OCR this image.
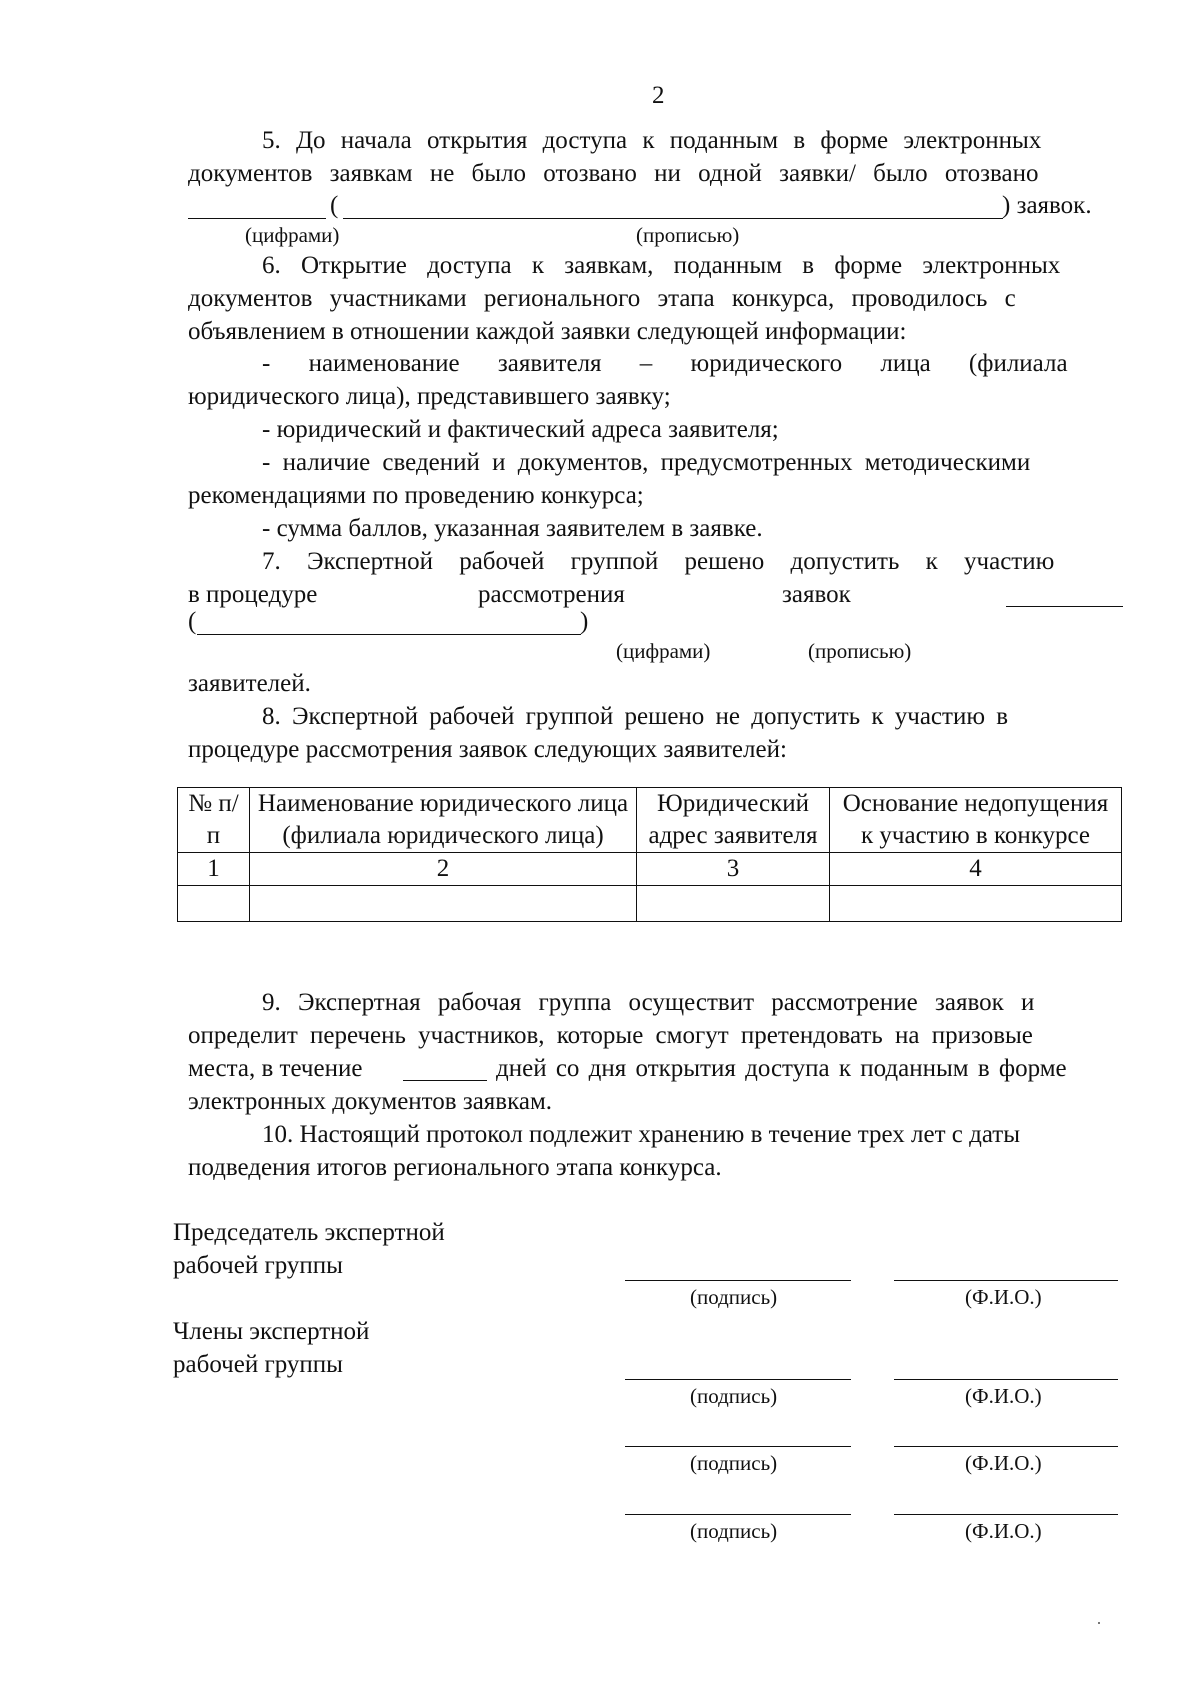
2
5. До начала открытия доступа к поданным в форме электронных
документов заявкам не было отозвано ни одной заявки/ было отозвано
(	) заявок.
(цифрами)	(прописью)
6. Открытие доступа к заявкам, поданным в форме электронных
документов участниками регионального этапа конкурса, проводилось с
объявлением в отношении каждой заявки следующей информации:
- наименование заявителя – юридического лица (филиала
юридического лица), представившего заявку;
- юридический и фактический адреса заявителя;
- наличие сведений и документов, предусмотренных методическими
рекомендациями по проведению конкурса;
- сумма баллов, указанная заявителем в заявке.
7. Экспертной рабочей группой решено допустить к участию
в процедуре	рассмотрения	заявок
(	)
(цифрами)	(прописью)
заявителей.
8. Экспертной рабочей группой решено не допустить к участию в
процедуре рассмотрения заявок следующих заявителей:
№ п/п	Наименование юридического лица (филиала юридического лица)	Юридический адрес заявителя	Основание недопущения к участию в конкурсе
1	2	3	4

9. Экспертная рабочая группа осуществит рассмотрение заявок и
определит перечень участников, которые смогут претендовать на призовые
места, в течение	дней со дня открытия доступа к поданным в форме
электронных документов заявкам.
10. Настоящий протокол подлежит хранению в течение трех лет с даты
подведения итогов регионального этапа конкурса.
Председатель экспертной
рабочей группы
(подпись)	(Ф.И.О.)
Члены экспертной
рабочей группы
(подпись)	(Ф.И.О.)
(подпись)	(Ф.И.О.)
(подпись)	(Ф.И.О.)
